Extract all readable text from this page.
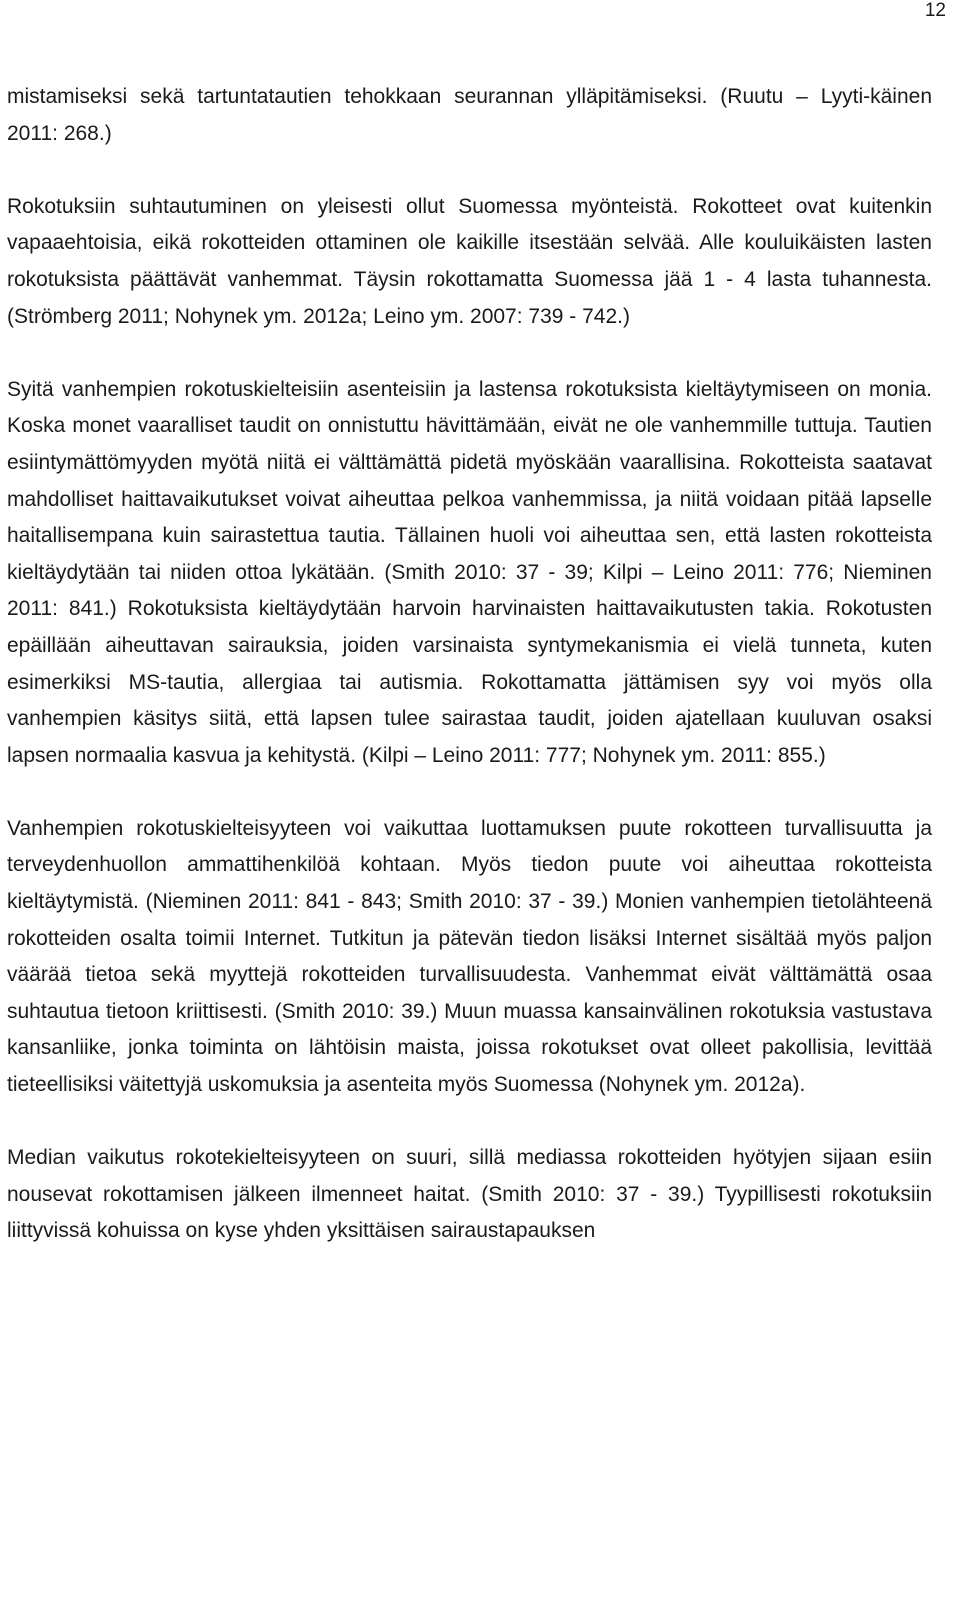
12

mistamiseksi sekä tartuntatautien tehokkaan seurannan ylläpitämiseksi. (Ruutu – Lyyti-käinen 2011: 268.)

Rokotuksiin suhtautuminen on yleisesti ollut Suomessa myönteistä. Rokotteet ovat kuitenkin vapaaehtoisia, eikä rokotteiden ottaminen ole kaikille itsestään selvää. Alle kouluikäisten lasten rokotuksista päättävät vanhemmat. Täysin rokottamatta Suomessa jää 1 - 4 lasta tuhannesta. (Strömberg 2011; Nohynek ym. 2012a; Leino ym. 2007: 739 - 742.)

Syitä vanhempien rokotuskielteisiin asenteisiin ja lastensa rokotuksista kieltäytymiseen on monia. Koska monet vaaralliset taudit on onnistuttu hävittämään, eivät ne ole vanhemmille tuttuja. Tautien esiintymättömyyden myötä niitä ei välttämättä pidetä myöskään vaarallisina. Rokotteista saatavat mahdolliset haittavaikutukset voivat aiheuttaa pelkoa vanhemmissa, ja niitä voidaan pitää lapselle haitallisempana kuin sairastettua tautia. Tällainen huoli voi aiheuttaa sen, että lasten rokotteista kieltäydytään tai niiden ottoa lykätään. (Smith 2010: 37 - 39; Kilpi – Leino 2011: 776; Nieminen 2011: 841.) Rokotuksista kieltäydytään harvoin harvinaisten haittavaikutusten takia. Rokotusten epäillään aiheuttavan sairauksia, joiden varsinaista syntymekanismia ei vielä tunneta, kuten esimerkiksi MS-tautia, allergiaa tai autismia. Rokottamatta jättämisen syy voi myös olla vanhempien käsitys siitä, että lapsen tulee sairastaa taudit, joiden ajatellaan kuuluvan osaksi lapsen normaalia kasvua ja kehitystä. (Kilpi – Leino 2011: 777; Nohynek ym. 2011: 855.)

Vanhempien rokotuskielteisyyteen voi vaikuttaa luottamuksen puute rokotteen turvallisuutta ja terveydenhuollon ammattihenkilöä kohtaan. Myös tiedon puute voi aiheuttaa rokotteista kieltäytymistä. (Nieminen 2011: 841 - 843; Smith 2010: 37 - 39.) Monien vanhempien tietolähteenä rokotteiden osalta toimii Internet. Tutkitun ja pätevän tiedon lisäksi Internet sisältää myös paljon väärää tietoa sekä myyttejä rokotteiden turvallisuudesta. Vanhemmat eivät välttämättä osaa suhtautua tietoon kriittisesti. (Smith 2010: 39.) Muun muassa kansainvälinen rokotuksia vastustava kansanliike, jonka toiminta on lähtöisin maista, joissa rokotukset ovat olleet pakollisia, levittää tieteellisiksi väitettyjä uskomuksia ja asenteita myös Suomessa (Nohynek ym. 2012a).

Median vaikutus rokotekielteisyyteen on suuri, sillä mediassa rokotteiden hyötyjen sijaan esiin nousevat rokottamisen jälkeen ilmenneet haitat. (Smith 2010: 37 - 39.) Tyypillisesti rokotuksiin liittyvissä kohuissa on kyse yhden yksittäisen sairaustapauksen
